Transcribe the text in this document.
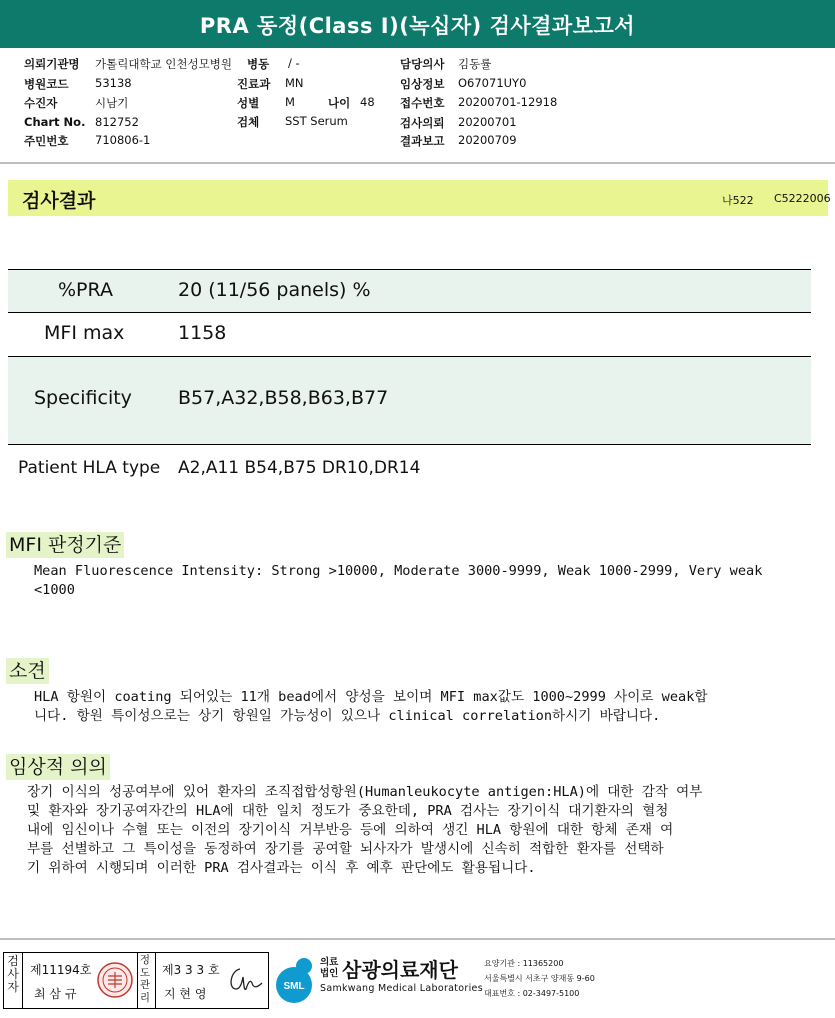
PRA 동정(Class I)(녹십자) 검사결과보고서
의뢰기관명 가톨릭대학교 인천성모병원 병동 / -	담당의사 김동률
병원코드 53138	진료과 MN	임상정보 O67071UY0
수진자	시남기	성별 M	나이 48 접수번호 20200701-12918
Chart No. 812752	검체 SST Serum	검사의뢰 20200701
주민번호 710806-1	결과보고 20200709
검사결과	나522 C5222006
%PRA	20 (11/56 panels) %
MFI max	1158
Specificity B57,A32,B58,B63,B77
Patient HLA type A2,A11 B54,B75 DR10,DR14
MFI 판정기준
Mean Fluorescence Intensity: Strong >10000, Moderate 3000-9999, Weak 1000-2999, Very weak
<1000
소견
HLA 항원이 coating 되어있는 11개 bead에서 양성을 보이며 MFI max값도 1000~2999 사이로 weak합
니다. 항원 특이성으로는 상기 항원일 가능성이 있으나 clinical correlation하시기 바랍니다.
임상적 의의
장기 이식의 성공여부에 있어 환자의 조직접합성항원(Humanleukocyte antigen:HLA)에 대한 감작 여부
및 환자와 장기공여자간의 HLA에 대한 일치 정도가 중요한데, PRA 검사는 장기이식 대기환자의 혈청
내에 임신이나 수혈 또는 이전의 장기이식 거부반응 등에 의하여 생긴 HLA 항원에 대한 항체 존재 여
부를 선별하고 그 특이성을 동정하여 장기를 공여할 뇌사자가 발생시에 신속히 적합한 환자를 선택하
기 위하여 시행되며 이러한 PRA 검사결과는 이식 후 예후 판단에도 활용됩니다.
검사자
제11194호
최 삼 규
정도관리
제3 3 3 호
지 현 영
SML
의료법인 삼광의료재단
Samkwang Medical Laboratories
요양기관 : 11365200
서울특별시 서초구 양재동 9-60
대표번호 : 02-3497-5100
